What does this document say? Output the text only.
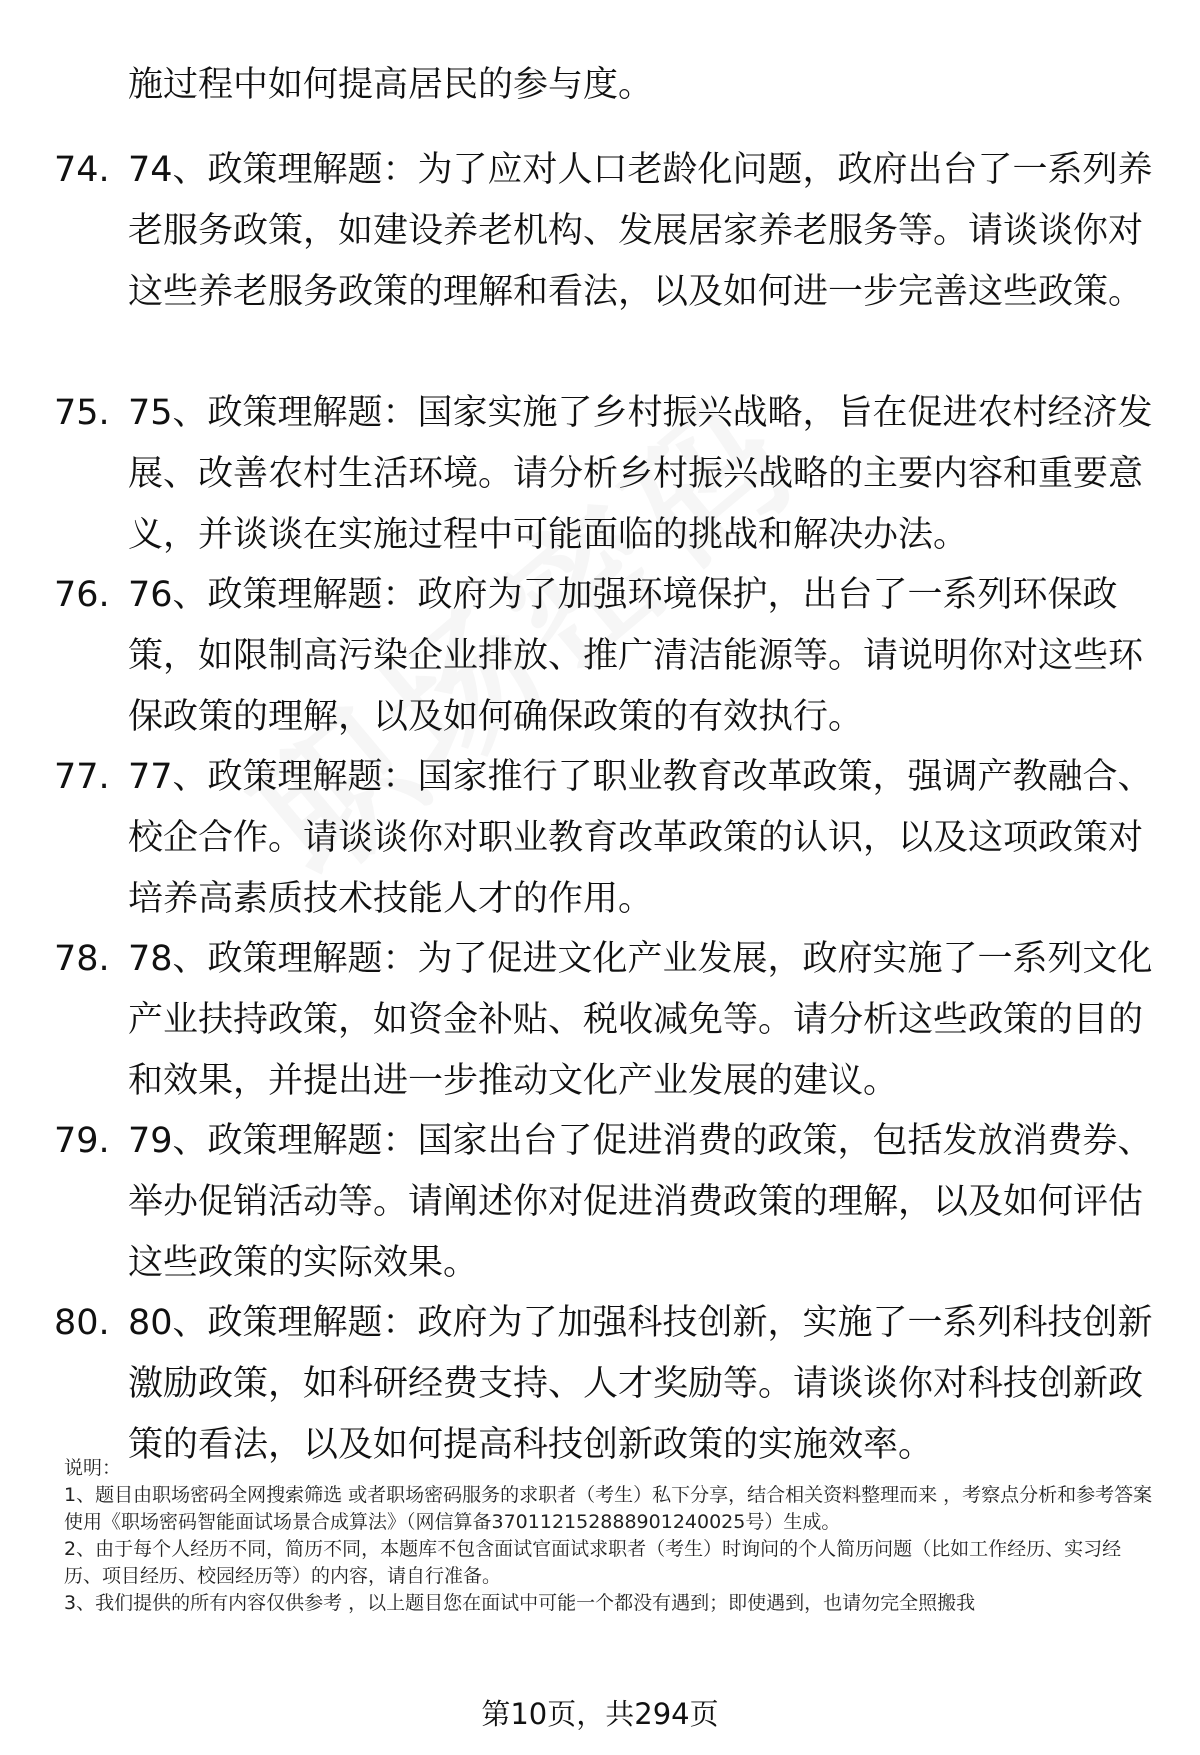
施过程中如何提高居民的参与度。
74. 74、政策理解题：为了应对人口老龄化问题，政府出台了一系列养老服务政策，如建设养老机构、发展居家养老服务等。请谈谈你对这些养老服务政策的理解和看法，以及如何进一步完善这些政策。
75. 75、政策理解题：国家实施了乡村振兴战略，旨在促进农村经济发展、改善农村生活环境。请分析乡村振兴战略的主要内容和重要意义，并谈谈在实施过程中可能面临的挑战和解决办法。
76. 76、政策理解题：政府为了加强环境保护，出台了一系列环保政策，如限制高污染企业排放、推广清洁能源等。请说明你对这些环保政策的理解，以及如何确保政策的有效执行。
77. 77、政策理解题：国家推行了职业教育改革政策，强调产教融合、校企合作。请谈谈你对职业教育改革政策的认识，以及这项政策对培养高素质技术技能人才的作用。
78. 78、政策理解题：为了促进文化产业发展，政府实施了一系列文化产业扶持政策，如资金补贴、税收减免等。请分析这些政策的目的和效果，并提出进一步推动文化产业发展的建议。
79. 79、政策理解题：国家出台了促进消费的政策，包括发放消费券、举办促销活动等。请阐述你对促进消费政策的理解，以及如何评估这些政策的实际效果。
80. 80、政策理解题：政府为了加强科技创新，实施了一系列科技创新激励政策，如科研经费支持、人才奖励等。请谈谈你对科技创新政策的看法，以及如何提高科技创新政策的实施效率。

说明：

1、题目由职场密码全网搜索筛选 或者职场密码服务的求职者（考生）私下分享，结合相关资料整理而来 ，考察点分析和参考答案使用《职场密码智能面试场景合成算法》（网信算备370112152888901240025号）生成。

2、由于每个人经历不同，简历不同，本题库不包含面试官面试求职者（考生）时询问的个人简历问题（比如工作经历、实习经历、项目经历、校园经历等）的内容，请自行准备。

3、我们提供的所有内容仅供参考 ，以上题目您在面试中可能一个都没有遇到；即使遇到，也请勿完全照搬我

第10页，共294页
